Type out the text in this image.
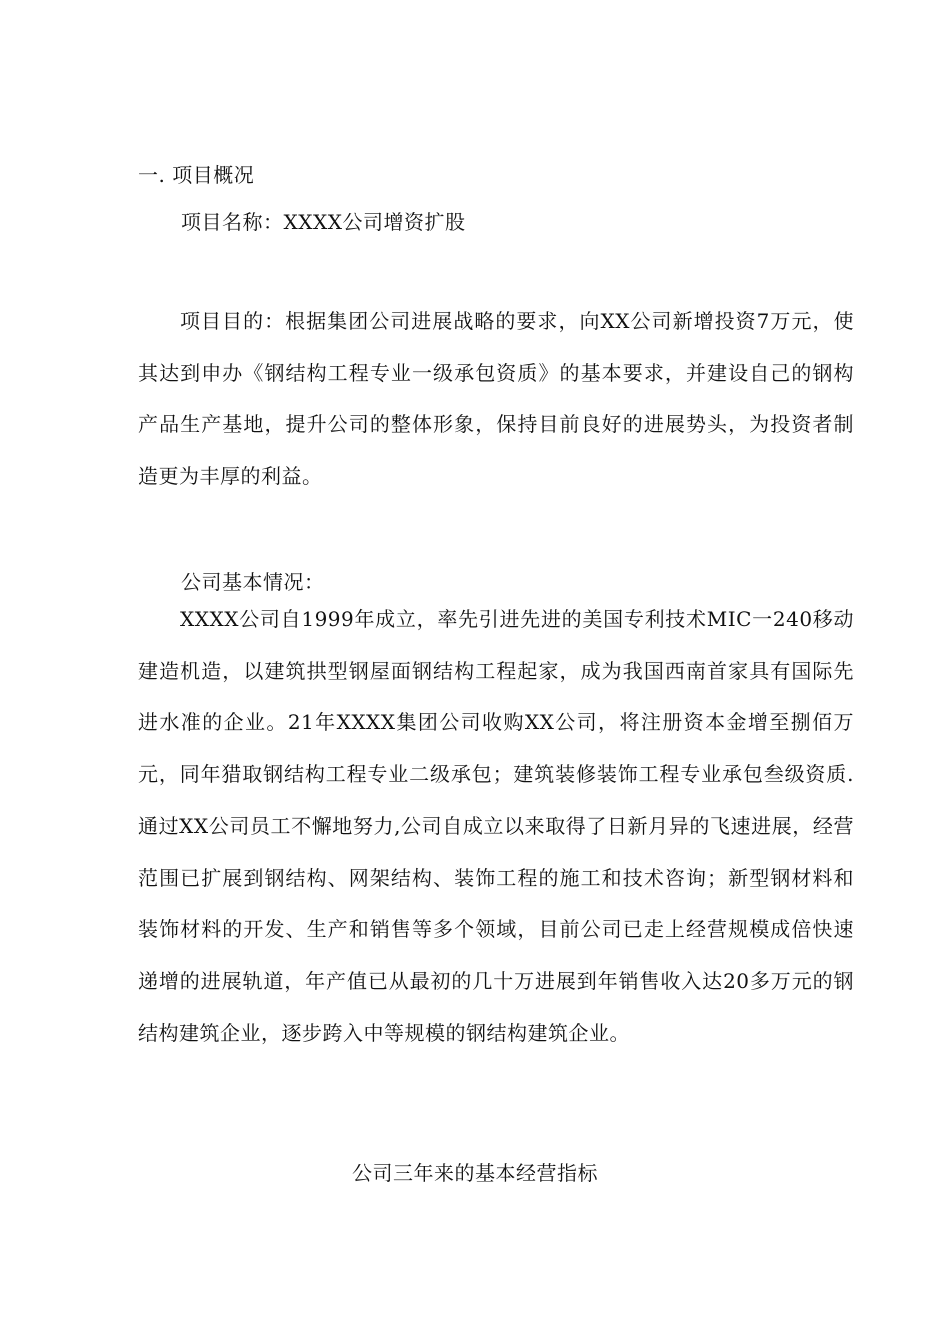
一. 项目概况
项目名称：XXXX公司增资扩股
项目目的：根据集团公司进展战略的要求，向XX公司新增投资7万元，使其达到申办《钢结构工程专业一级承包资质》的基本要求，并建设自己的钢构产品生产基地，提升公司的整体形象，保持目前良好的进展势头，为投资者制造更为丰厚的利益。
公司基本情况：
XXXX公司自1999年成立，率先引进先进的美国专利技术MIC一240移动建造机造，以建筑拱型钢屋面钢结构工程起家，成为我国西南首家具有国际先进水准的企业。21年XXXX集团公司收购XX公司，将注册资本金增至捌佰万元，同年猎取钢结构工程专业二级承包；建筑装修装饰工程专业承包叁级资质.通过XX公司员工不懈地努力,公司自成立以来取得了日新月异的飞速进展，经营范围已扩展到钢结构、网架结构、装饰工程的施工和技术咨询；新型钢材料和装饰材料的开发、生产和销售等多个领域，目前公司已走上经营规模成倍快速递增的进展轨道，年产值已从最初的几十万进展到年销售收入达20多万元的钢结构建筑企业，逐步跨入中等规模的钢结构建筑企业。
公司三年来的基本经营指标
